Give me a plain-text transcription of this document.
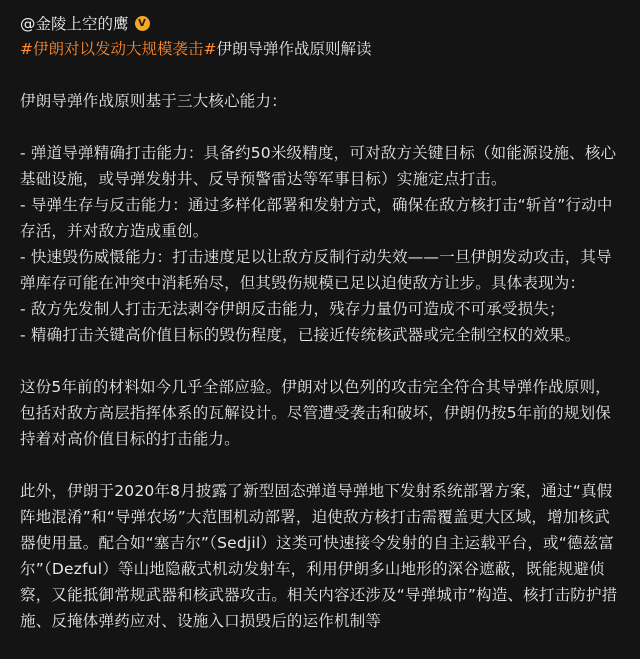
@金陵上空的鹰 V
#伊朗对以发动大规模袭击#伊朗导弹作战原则解读

伊朗导弹作战原则基于三大核心能力：

- 弹道导弹精确打击能力：具备约50米级精度，可对敌方关键目标（如能源设施、核心基础设施，或导弹发射井、反导预警雷达等军事目标）实施定点打击。

- 导弹生存与反击能力：通过多样化部署和发射方式，确保在敌方核打击“斩首”行动中存活，并对敌方造成重创。

- 快速毁伤威慑能力：打击速度足以让敌方反制行动失效——一旦伊朗发动攻击，其导弹库存可能在冲突中消耗殆尽，但其毁伤规模已足以迫使敌方让步。具体表现为：

- 敌方先发制人打击无法剥夺伊朗反击能力，残存力量仍可造成不可承受损失；

- 精确打击关键高价值目标的毁伤程度，已接近传统核武器或完全制空权的效果。

这份5年前的材料如今几乎全部应验。伊朗对以色列的攻击完全符合其导弹作战原则，包括对敌方高层指挥体系的瓦解设计。尽管遭受袭击和破坏，伊朗仍按5年前的规划保持着对高价值目标的打击能力。

此外，伊朗于2020年8月披露了新型固态弹道导弹地下发射系统部署方案，通过“真假阵地混淆”和“导弹农场”大范围机动部署，迫使敌方核打击需覆盖更大区域，增加核武器使用量。配合如“塞吉尔”（Sedjil）这类可快速接令发射的自主运载平台，或“德兹富尔”（Dezful）等山地隐蔽式机动发射车，利用伊朗多山地形的深谷遮蔽，既能规避侦察，又能抵御常规武器和核武器攻击。相关内容还涉及“导弹城市”构造、核打击防护措施、反掩体弹药应对、设施入口损毁后的运作机制等
